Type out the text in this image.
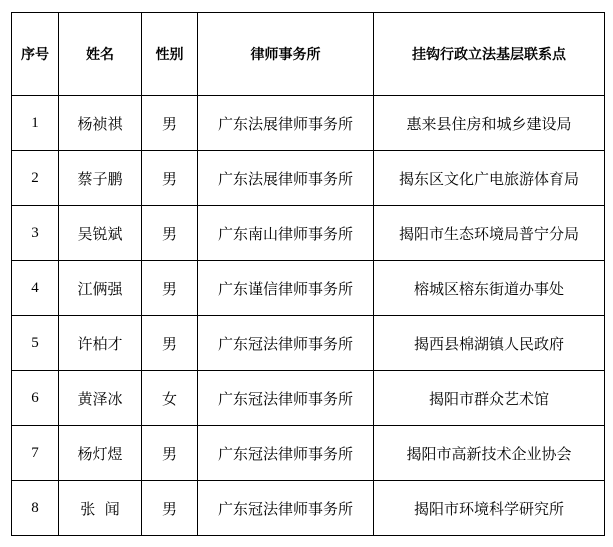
序号	姓名	性别	律师事务所	挂钩行政立法基层联系点
1	杨祯祺	男	广东法展律师事务所	惠来县住房和城乡建设局
2	蔡子鹏	男	广东法展律师事务所	揭东区文化广电旅游体育局
3	吴锐斌	男	广东南山律师事务所	揭阳市生态环境局普宁分局
4	江俩强	男	广东谨信律师事务所	榕城区榕东街道办事处
5	许柏才	男	广东冠法律师事务所	揭西县棉湖镇人民政府
6	黄泽冰	女	广东冠法律师事务所	揭阳市群众艺术馆
7	杨灯煜	男	广东冠法律师事务所	揭阳市高新技术企业协会
8	张  闻	男	广东冠法律师事务所	揭阳市环境科学研究所
